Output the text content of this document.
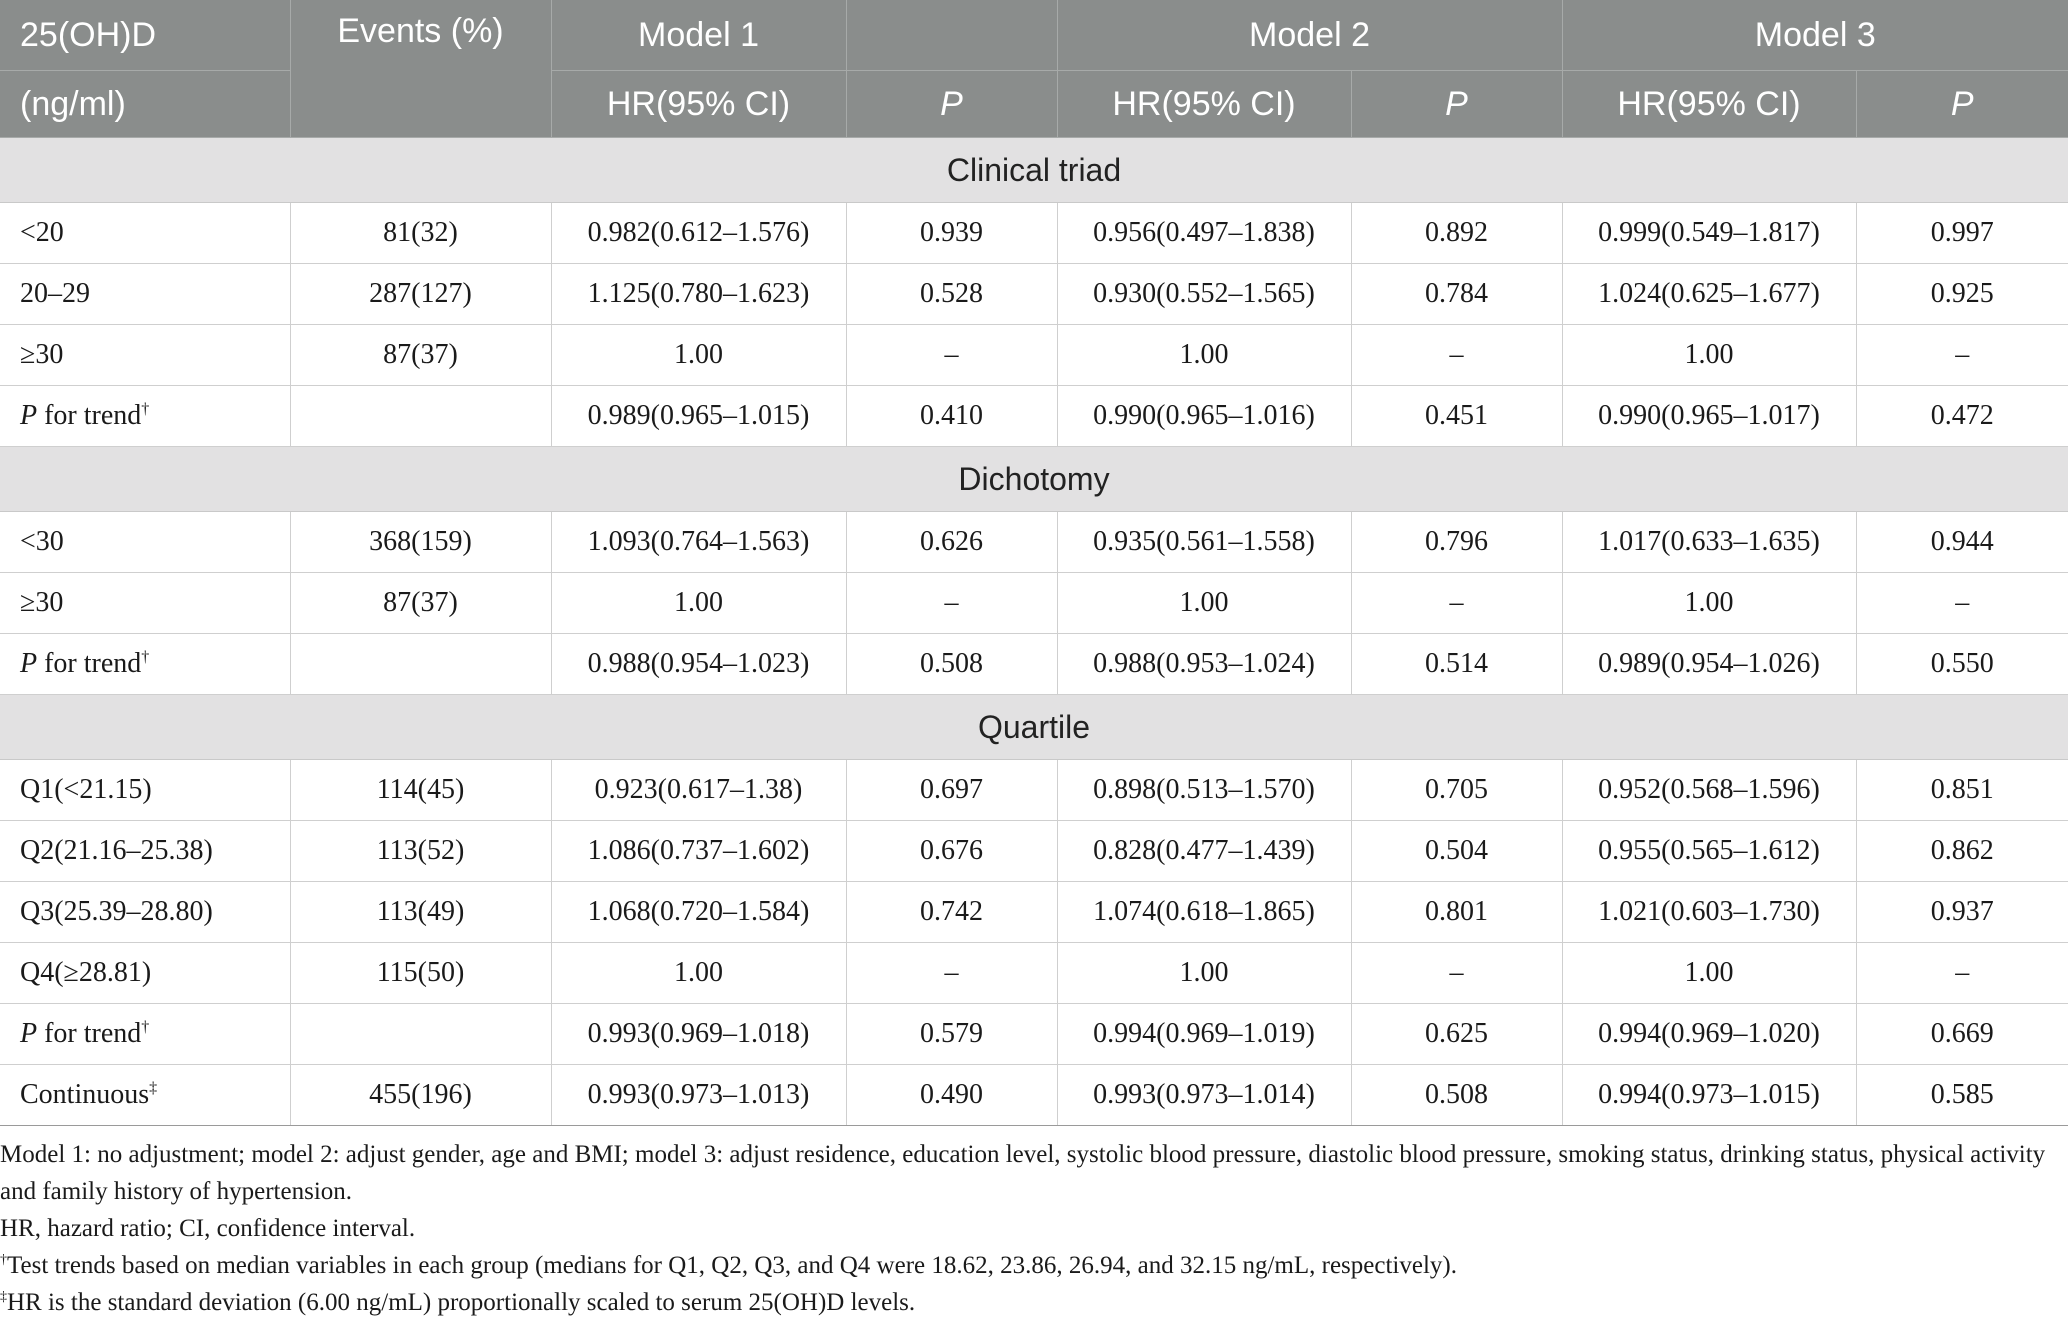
25(OH)D	Events (%)	Model 1		Model 2		Model 3	
(ng/ml)		HR(95% CI)	P	HR(95% CI)	P	HR(95% CI)	P
Clinical triad							
<20	81(32)	0.982(0.612–1.576)	0.939	0.956(0.497–1.838)	0.892	0.999(0.549–1.817)	0.997
20–29	287(127)	1.125(0.780–1.623)	0.528	0.930(0.552–1.565)	0.784	1.024(0.625–1.677)	0.925
≥30	87(37)	1.00	–	1.00	–	1.00	–
P for trend†		0.989(0.965–1.015)	0.410	0.990(0.965–1.016)	0.451	0.990(0.965–1.017)	0.472
Dichotomy							
<30	368(159)	1.093(0.764–1.563)	0.626	0.935(0.561–1.558)	0.796	1.017(0.633–1.635)	0.944
≥30	87(37)	1.00	–	1.00	–	1.00	–
P for trend†		0.988(0.954–1.023)	0.508	0.988(0.953–1.024)	0.514	0.989(0.954–1.026)	0.550
Quartile							
Q1(<21.15)	114(45)	0.923(0.617–1.38)	0.697	0.898(0.513–1.570)	0.705	0.952(0.568–1.596)	0.851
Q2(21.16–25.38)	113(52)	1.086(0.737–1.602)	0.676	0.828(0.477–1.439)	0.504	0.955(0.565–1.612)	0.862
Q3(25.39–28.80)	113(49)	1.068(0.720–1.584)	0.742	1.074(0.618–1.865)	0.801	1.021(0.603–1.730)	0.937
Q4(≥28.81)	115(50)	1.00	–	1.00	–	1.00	–
P for trend†		0.993(0.969–1.018)	0.579	0.994(0.969–1.019)	0.625	0.994(0.969–1.020)	0.669
Continuous‡	455(196)	0.993(0.973–1.013)	0.490	0.993(0.973–1.014)	0.508	0.994(0.973–1.015)	0.585

Model 1: no adjustment; model 2: adjust gender, age and BMI; model 3: adjust residence, education level, systolic blood pressure, diastolic blood pressure, smoking status, drinking status, physical activity and family history of hypertension.

HR, hazard ratio; CI, confidence interval.

†Test trends based on median variables in each group (medians for Q1, Q2, Q3, and Q4 were 18.62, 23.86, 26.94, and 32.15 ng/mL, respectively).

‡HR is the standard deviation (6.00 ng/mL) proportionally scaled to serum 25(OH)D levels.
